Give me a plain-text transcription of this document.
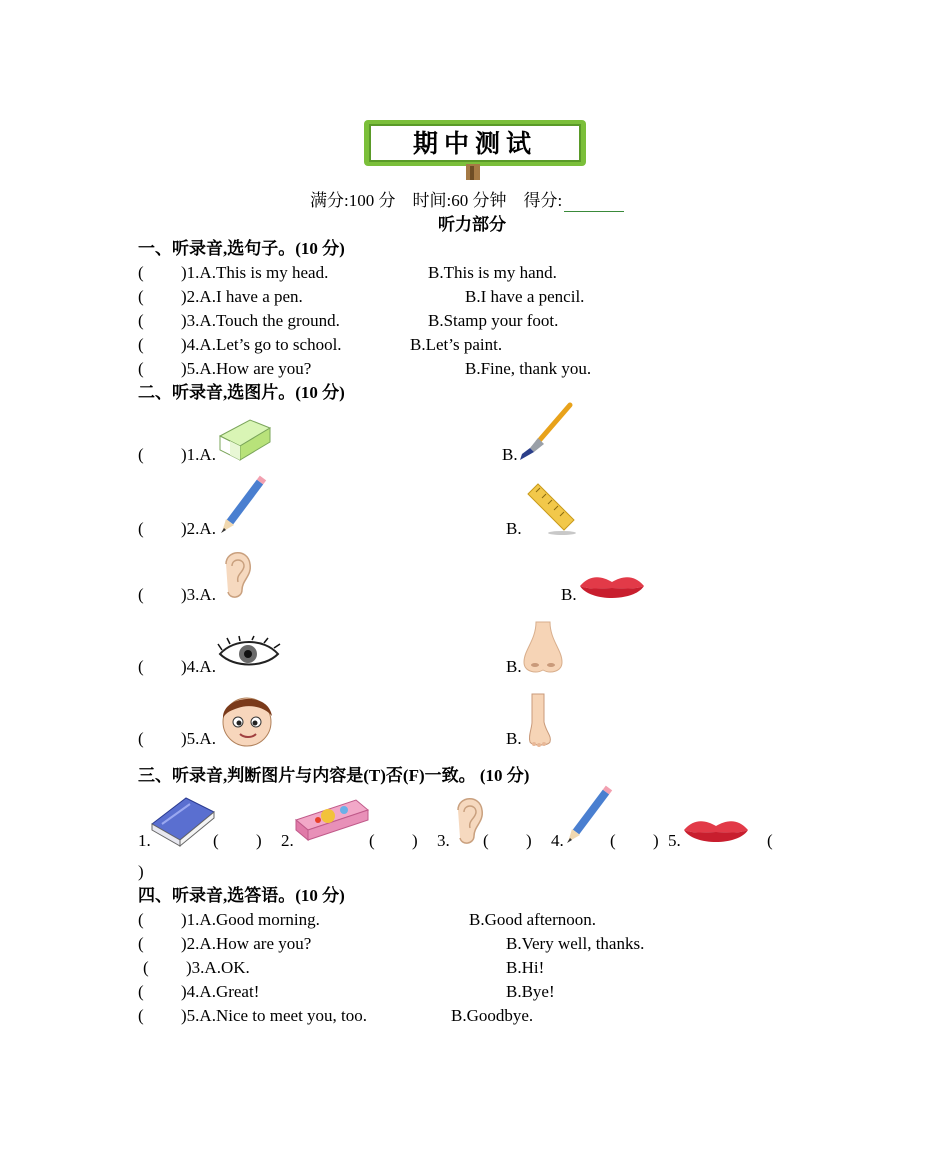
期中测试
满分:100 分 时间:60 分钟 得分:
听力部分
一、听录音,选句子。(10 分)
( )1.A.This is my head.	B.This is my hand.
( )2.A.I have a pen.	B.I have a pencil.
( )3.A.Touch the ground.	B.Stamp your foot.
( )4.A.Let’s go to school.	B.Let’s paint.
( )5.A.How are you?	B.Fine, thank you.
二、听录音,选图片。(10 分)
( )1.A.	B.
( )2.A.	B.
( )3.A.	B.
( )4.A.	B.
( )5.A.	B.
三、听录音,判断图片与内容是(T)否(F)一致。 (10 分)
1.	( ) 2.	( ) 3. ( ) 4.	( ) 5.	(
)
四、听录音,选答语。(10 分)
( )1.A.Good morning.	B.Good afternoon.
( )2.A.How are you?	B.Very well, thanks.
( )3.A.OK.	B.Hi!
( )4.A.Great!	B.Bye!
( )5.A.Nice to meet you, too.	B.Goodbye.
